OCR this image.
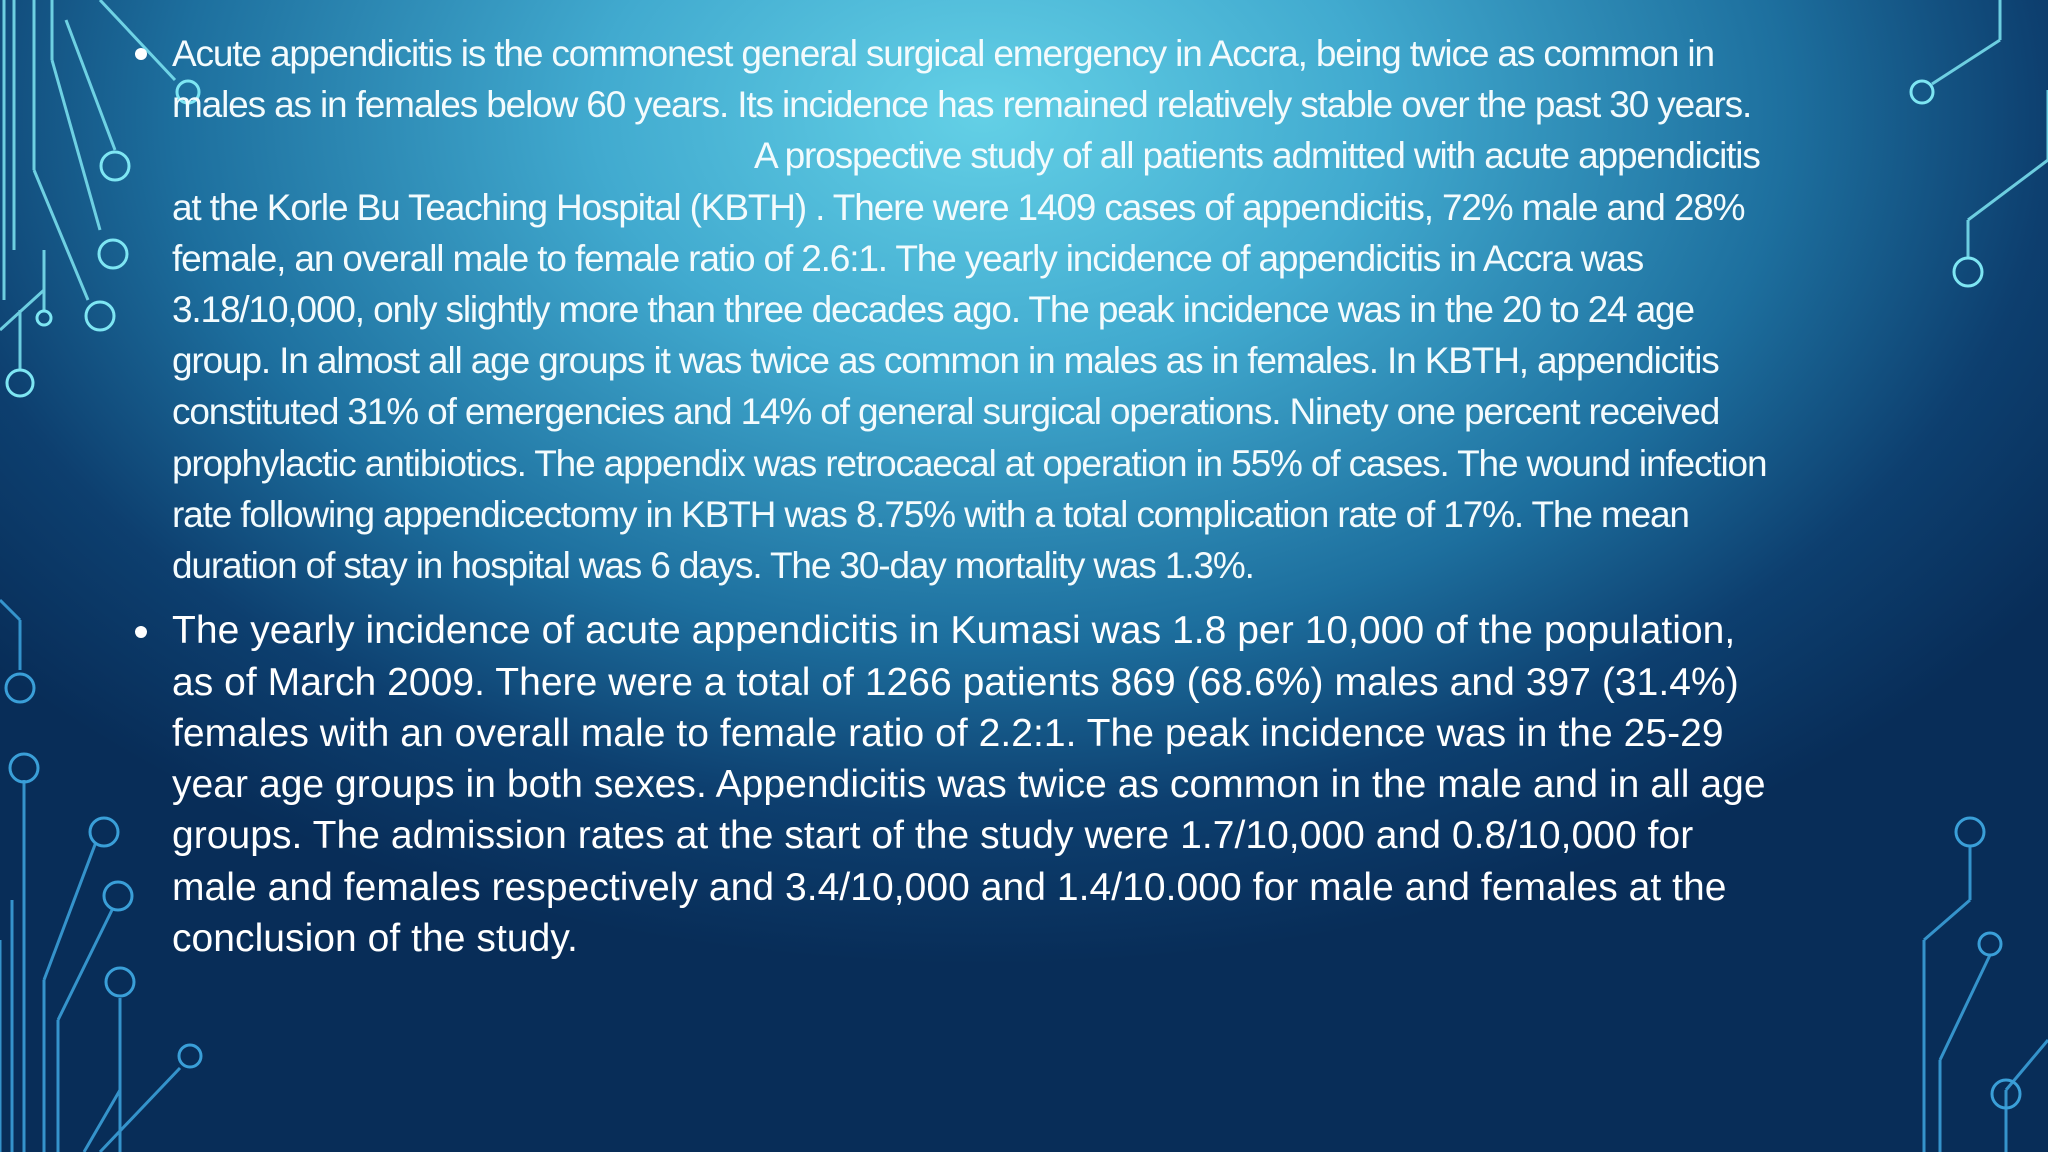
Acute appendicitis is the commonest general surgical emergency in Accra, being twice as common in males as in females below 60 years. Its incidence has remained relatively stable over the past 30 years.A prospective study of all patients admitted with acute appendicitis at the Korle Bu Teaching Hospital (KBTH) . There were 1409 cases of appendicitis, 72% male and 28% female, an overall male to female ratio of 2.6:1. The yearly incidence of appendicitis in Accra was 3.18/10,000, only slightly more than three decades ago. The peak incidence was in the 20 to 24 age group. In almost all age groups it was twice as common in males as in females. In KBTH, appendicitis constituted 31% of emergencies and 14% of general surgical operations. Ninety one percent received prophylactic antibiotics. The appendix was retrocaecal at operation in 55% of cases. The wound infection rate following appendicectomy in KBTH was 8.75% with a total complication rate of 17%. The mean duration of stay in hospital was 6 days. The 30-day mortality was 1.3%.
The yearly incidence of acute appendicitis in Kumasi was 1.8 per 10,000 of the population, as of March 2009. There were a total of 1266 patients 869 (68.6%) males and 397 (31.4%) females with an overall male to female ratio of 2.2:1. The peak incidence was in the 25-29 year age groups in both sexes. Appendicitis was twice as common in the male and in all age groups. The admission rates at the start of the study were 1.7/10,000 and 0.8/10,000 for male and females respectively and 3.4/10,000 and 1.4/10.000 for male and females at the conclusion of the study.
